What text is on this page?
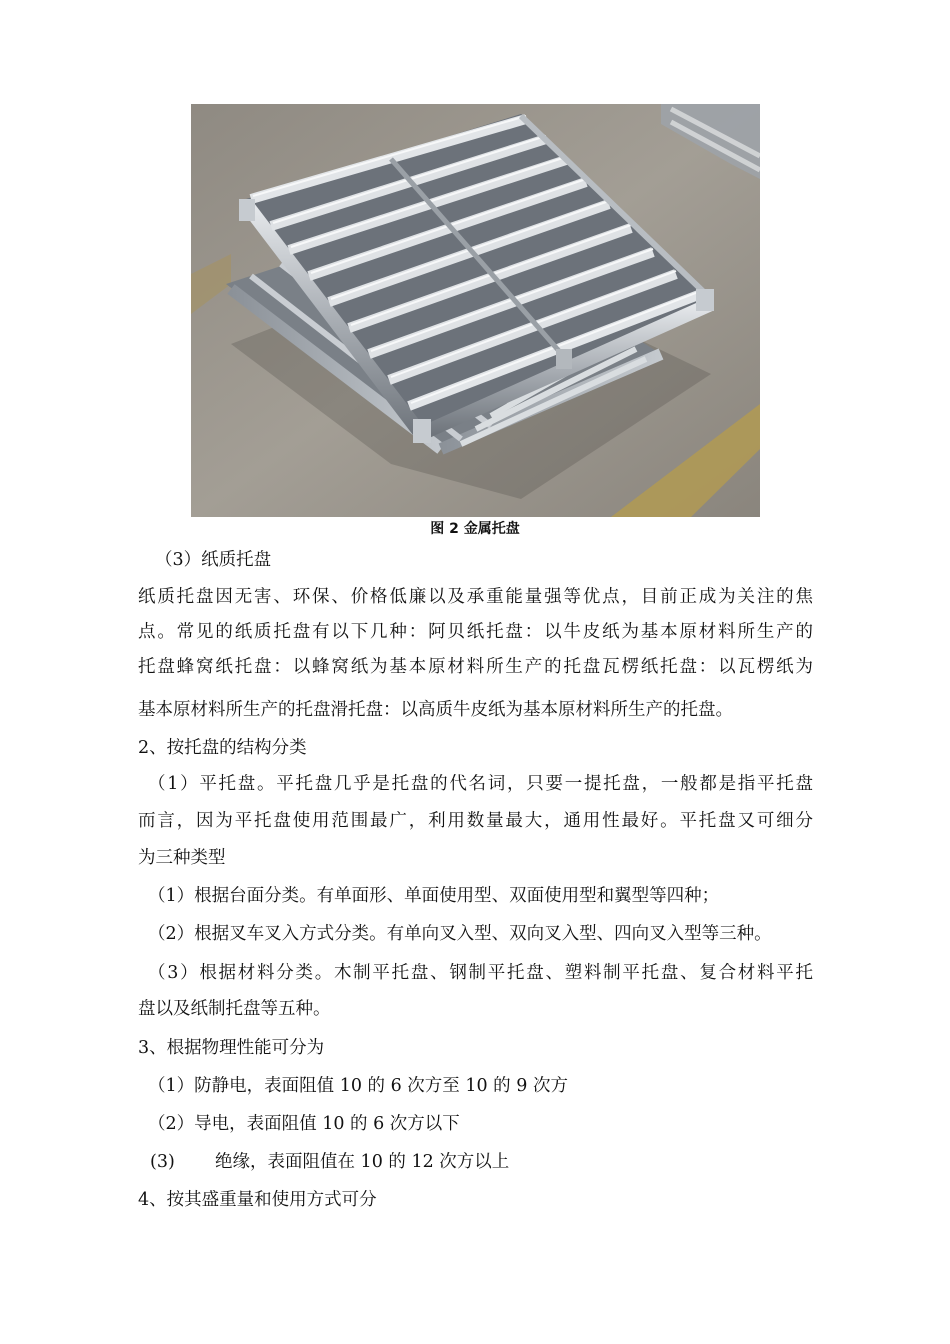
图 2 金属托盘
（3）纸质托盘
纸质托盘因无害、环保、价格低廉以及承重能量强等优点，目前正成为关注的焦
点。常见的纸质托盘有以下几种：阿贝纸托盘：以牛皮纸为基本原材料所生产的
托盘蜂窝纸托盘：以蜂窝纸为基本原材料所生产的托盘瓦楞纸托盘：以瓦楞纸为
基本原材料所生产的托盘滑托盘：以高质牛皮纸为基本原材料所生产的托盘。
2、按托盘的结构分类
（1）平托盘。平托盘几乎是托盘的代名词，只要一提托盘，一般都是指平托盘
而言，因为平托盘使用范围最广，利用数量最大，通用性最好。平托盘又可细分
为三种类型
（1）根据台面分类。有单面形、单面使用型、双面使用型和翼型等四种；
（2）根据叉车叉入方式分类。有单向叉入型、双向叉入型、四向叉入型等三种。
（3）根据材料分类。木制平托盘、钢制平托盘、塑料制平托盘、复合材料平托
盘以及纸制托盘等五种。
3、根据物理性能可分为
（1）防静电，表面阻值 10 的 6 次方至 10 的 9 次方
（2）导电，表面阻值 10 的 6 次方以下
(3) 绝缘，表面阻值在 10 的 12 次方以上
4、按其盛重量和使用方式可分
